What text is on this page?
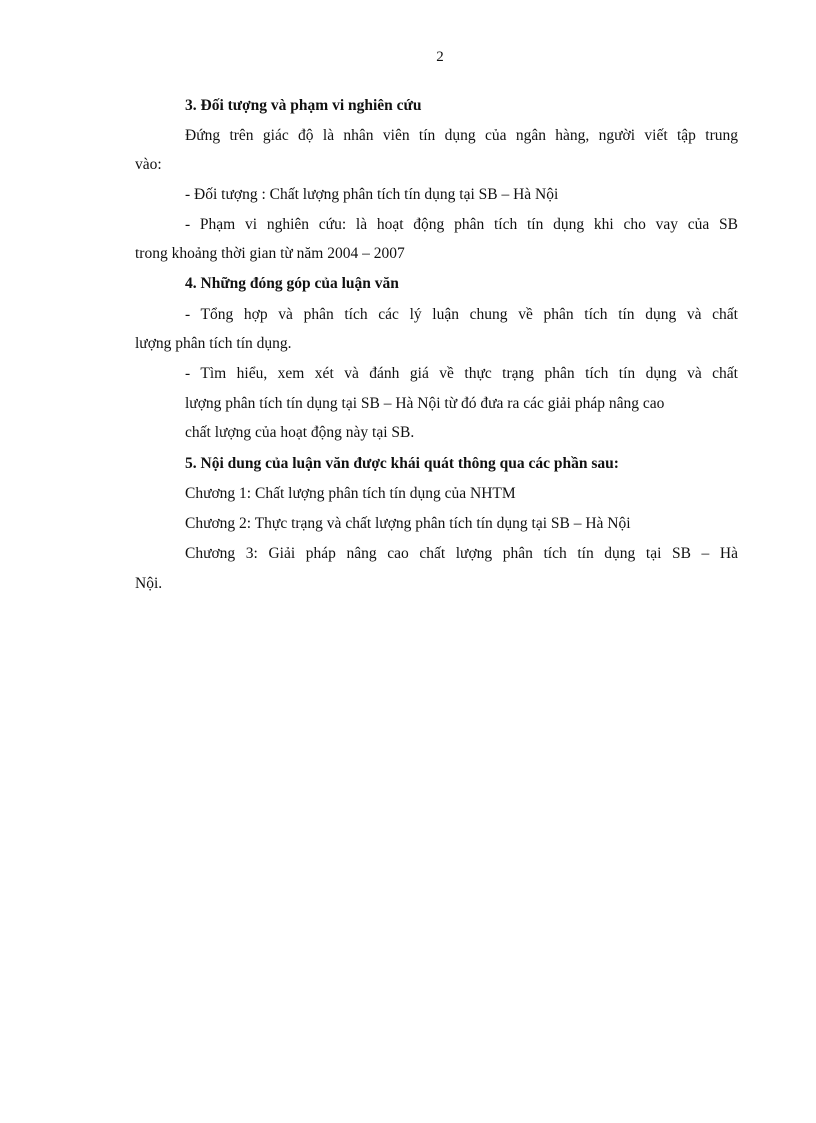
2
3. Đối tượng và phạm vi nghiên cứu
Đứng trên giác độ là nhân viên tín dụng của ngân hàng, người viết tập trung
vào:
- Đối tượng : Chất lượng phân tích tín dụng tại SB – Hà Nội
- Phạm vi nghiên cứu: là hoạt động phân tích tín dụng khi cho vay của SB
trong khoảng thời gian từ năm 2004 – 2007
4. Những đóng góp của luận văn
- Tổng hợp và phân tích các lý luận chung về phân tích tín dụng và chất
lượng phân tích tín dụng.
- Tìm hiểu, xem xét và đánh giá về thực trạng phân tích tín dụng và chất
lượng phân tích tín dụng tại SB – Hà Nội từ đó đưa ra các giải pháp nâng cao
chất lượng của hoạt động này tại SB.
5. Nội dung của luận văn được khái quát thông qua các phần sau:
Chương 1: Chất lượng phân tích tín dụng của NHTM
Chương 2: Thực trạng và chất lượng phân tích tín dụng tại SB – Hà Nội
Chương 3: Giải pháp nâng cao chất lượng phân tích tín dụng tại SB – Hà
Nội.
